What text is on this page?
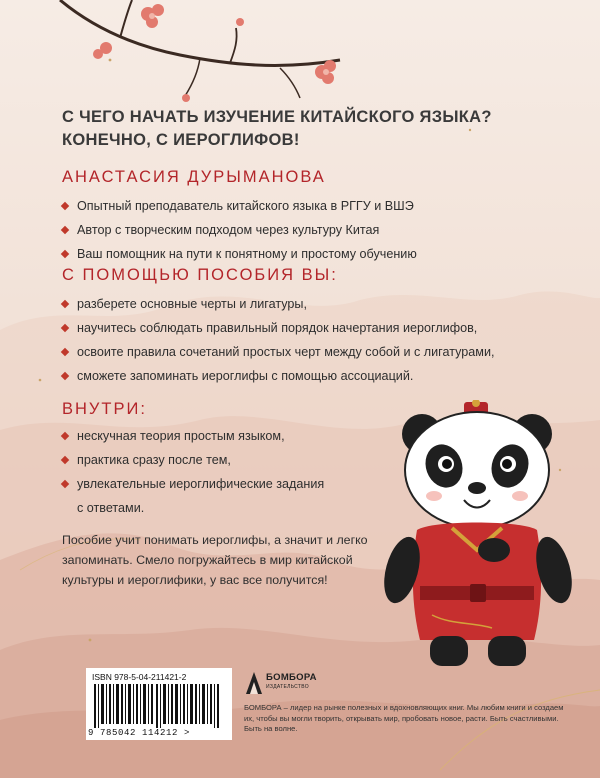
С ЧЕГО НАЧАТЬ ИЗУЧЕНИЕ КИТАЙСКОГО ЯЗЫКА?
КОНЕЧНО, С ИЕРОГЛИФОВ!
АНАСТАСИЯ ДУРЫМАНОВА
Опытный преподаватель китайского языка в РГГУ и ВШЭ
Автор с творческим подходом через культуру Китая
Ваш помощник на пути к понятному и простому обучению
С ПОМОЩЬЮ ПОСОБИЯ ВЫ:
разберете основные черты и лигатуры,
научитесь соблюдать правильный порядок начертания иероглифов,
освоите правила сочетаний простых черт между собой и с лигатурами,
сможете запоминать иероглифы с помощью ассоциаций.
ВНУТРИ:
нескучная теория простым языком,
практика сразу после тем,
увлекательные иероглифические задания с ответами.
Пособие учит понимать иероглифы, а значит и легко запоминать. Смело погружайтесь в мир китайской культуры и иероглифики, у вас все получится!
ISBN 978-5-04-211421-2
9 785042 114212 >
БОМБОРА
ИЗДАТЕЛЬСТВО
БОМБОРА – лидер на рынке полезных и вдохновляющих книг. Мы любим книги и создаем их, чтобы вы могли творить, открывать мир, пробовать новое, расти. Быть счастливыми. Быть на волне.
